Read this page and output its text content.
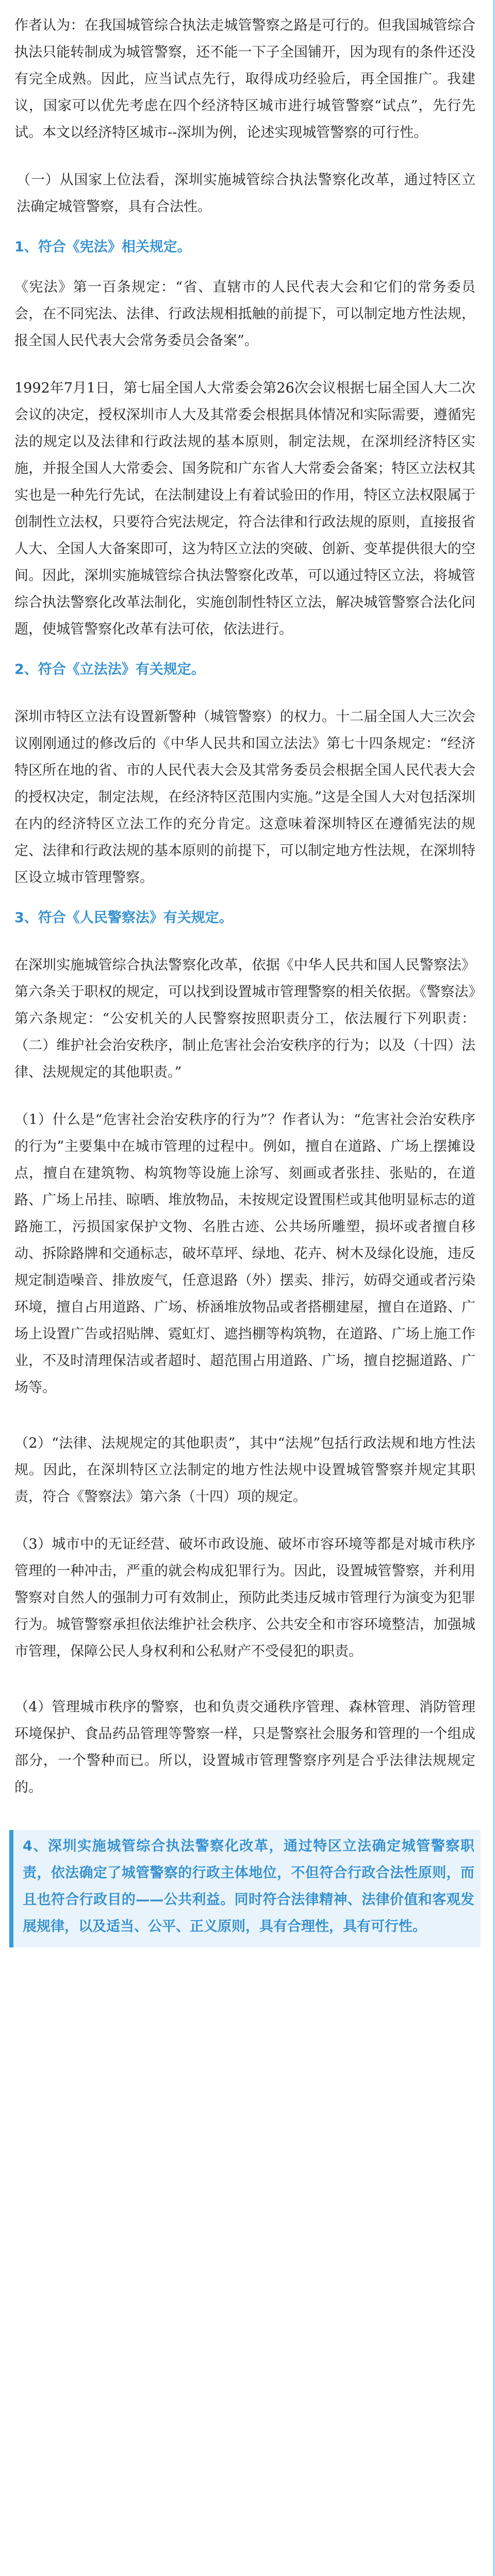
作者认为：在我国城管综合执法走城管警察之路是可行的。但我国城管综合执法只能转制成为城管警察，还不能一下子全国铺开，因为现有的条件还没有完全成熟。因此，应当试点先行，取得成功经验后，再全国推广。我建议，国家可以优先考虑在四个经济特区城市进行城管警察“试点”，先行先试。本文以经济特区城市--深圳为例，论述实现城管警察的可行性。

（一）从国家上位法看，深圳实施城管综合执法警察化改革，通过特区立法确定城管警察，具有合法性。

1、符合《宪法》相关规定。

《宪法》第一百条规定：“省、直辖市的人民代表大会和它们的常务委员会，在不同宪法、法律、行政法规相抵触的前提下，可以制定地方性法规，报全国人民代表大会常务委员会备案”。

1992年7月1日，第七届全国人大常委会第26次会议根据七届全国人大二次会议的决定，授权深圳市人大及其常委会根据具体情况和实际需要，遵循宪法的规定以及法律和行政法规的基本原则，制定法规，在深圳经济特区实施，并报全国人大常委会、国务院和广东省人大常委会备案；特区立法权其实也是一种先行先试，在法制建设上有着试验田的作用，特区立法权限属于创制性立法权，只要符合宪法规定，符合法律和行政法规的原则，直接报省人大、全国人大备案即可，这为特区立法的突破、创新、变革提供很大的空间。因此，深圳实施城管综合执法警察化改革，可以通过特区立法，将城管综合执法警察化改革法制化，实施创制性特区立法，解决城管警察合法化问题，使城管警察化改革有法可依，依法进行。

2、符合《立法法》有关规定。

深圳市特区立法有设置新警种（城管警察）的权力。十二届全国人大三次会议刚刚通过的修改后的《中华人民共和国立法法》第七十四条规定：“经济特区所在地的省、市的人民代表大会及其常务委员会根据全国人民代表大会的授权决定，制定法规，在经济特区范围内实施。”这是全国人大对包括深圳在内的经济特区立法工作的充分肯定。这意味着深圳特区在遵循宪法的规定、法律和行政法规的基本原则的前提下，可以制定地方性法规，在深圳特区设立城市管理警察。

3、符合《人民警察法》有关规定。

在深圳实施城管综合执法警察化改革，依据《中华人民共和国人民警察法》第六条关于职权的规定，可以找到设置城市管理警察的相关依据。《警察法》第六条规定：“公安机关的人民警察按照职责分工，依法履行下列职责：（二）维护社会治安秩序，制止危害社会治安秩序的行为；以及（十四）法律、法规规定的其他职责。”

（1）什么是“危害社会治安秩序的行为”？作者认为：“危害社会治安秩序的行为”主要集中在城市管理的过程中。例如，擅自在道路、广场上摆摊设点，擅自在建筑物、构筑物等设施上涂写、刻画或者张挂、张贴的，在道路、广场上吊挂、晾晒、堆放物品，未按规定设置围栏或其他明显标志的道路施工，污损国家保护文物、名胜古迹、公共场所雕塑，损坏或者擅自移动、拆除路牌和交通标志，破坏草坪、绿地、花卉、树木及绿化设施，违反规定制造噪音、排放废气，任意退路（外）摆卖、排污，妨碍交通或者污染环境，擅自占用道路、广场、桥涵堆放物品或者搭棚建屋，擅自在道路、广场上设置广告或招贴牌、霓虹灯、遮挡棚等构筑物，在道路、广场上施工作业，不及时清理保洁或者超时、超范围占用道路、广场，擅自挖掘道路、广场等。

（2）“法律、法规规定的其他职责”，其中“法规”包括行政法规和地方性法规。因此，在深圳特区立法制定的地方性法规中设置城管警察并规定其职责，符合《警察法》第六条（十四）项的规定。

（3）城市中的无证经营、破坏市政设施、破坏市容环境等都是对城市秩序管理的一种冲击，严重的就会构成犯罪行为。因此，设置城管警察，并利用警察对自然人的强制力可有效制止，预防此类违反城市管理行为演变为犯罪行为。城管警察承担依法维护社会秩序、公共安全和市容环境整洁，加强城市管理，保障公民人身权利和公私财产不受侵犯的职责。

（4）管理城市秩序的警察，也和负责交通秩序管理、森林管理、消防管理环境保护、食品药品管理等警察一样，只是警察社会服务和管理的一个组成部分，一个警种而已。所以，设置城市管理警察序列是合乎法律法规规定的。

4、深圳实施城管综合执法警察化改革，通过特区立法确定城管警察职责，依法确定了城管警察的行政主体地位，不但符合行政合法性原则，而且也符合行政目的——公共利益。同时符合法律精神、法律价值和客观发展规律，以及适当、公平、正义原则，具有合理性，具有可行性。
